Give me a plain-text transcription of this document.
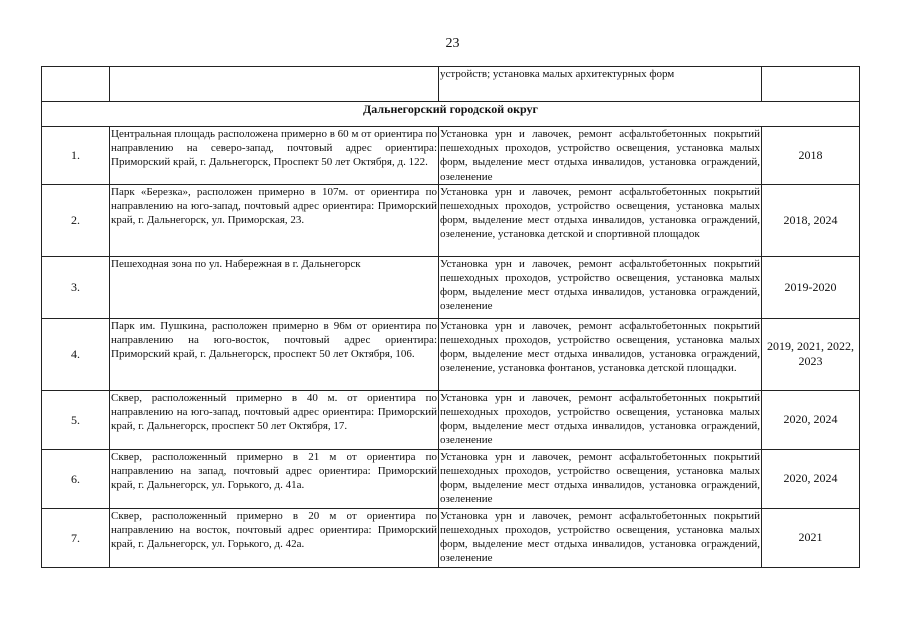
23
		устройств; установка малых архитектурных форм	
Дальнегорский городской округ			
1.	Центральная площадь расположена примерно в 60 м от ориентира по направлению на северо-запад, почтовый адрес ориентира: Приморский край, г. Дальнегорск, Проспект 50 лет Октября, д. 122.	Установка урн и лавочек, ремонт асфальтобетонных покрытий пешеходных проходов, устройство освещения, установка малых форм, выделение мест отдыха инвалидов, установка ограждений, озеленение	2018
2.	Парк «Березка», расположен примерно в 107м. от ориентира по направлению на юго-запад, почтовый адрес ориентира: Приморский край, г. Дальнегорск, ул. Приморская, 23.	Установка урн и лавочек, ремонт асфальтобетонных покрытий пешеходных проходов, устройство освещения, установка малых форм, выделение мест отдыха инвалидов, установка ограждений, озеленение, установка детской и спортивной площадок	2018, 2024
3.	Пешеходная зона по ул. Набережная в г. Дальнегорск	Установка урн и лавочек, ремонт асфальтобетонных покрытий пешеходных проходов, устройство освещения, установка малых форм, выделение мест отдыха инвалидов, установка ограждений, озеленение	2019-2020
4.	Парк им. Пушкина, расположен примерно в 96м от ориентира по направлению на юго-восток, почтовый адрес ориентира: Приморский край, г. Дальнегорск, проспект 50 лет Октября, 106.	Установка урн и лавочек, ремонт асфальтобетонных покрытий пешеходных проходов, устройство освещения, установка малых форм, выделение мест отдыха инвалидов, установка ограждений, озеленение, установка фонтанов, установка детской площадки.	2019, 2021, 2022, 2023
5.	Сквер, расположенный примерно в 40 м. от ориентира по направлению на юго-запад, почтовый адрес ориентира: Приморский край, г. Дальнегорск, проспект 50 лет Октября, 17.	Установка урн и лавочек, ремонт асфальтобетонных покрытий пешеходных проходов, устройство освещения, установка малых форм, выделение мест отдыха инвалидов, установка ограждений, озеленение	2020, 2024
6.	Сквер, расположенный примерно в 21 м от ориентира по направлению на запад, почтовый адрес ориентира: Приморский край, г. Дальнегорск, ул. Горького, д. 41а.	Установка урн и лавочек, ремонт асфальтобетонных покрытий пешеходных проходов, устройство освещения, установка малых форм, выделение мест отдыха инвалидов, установка ограждений, озеленение	2020, 2024
7.	Сквер, расположенный примерно в 20 м от ориентира по направлению на восток, почтовый адрес ориентира: Приморский край, г. Дальнегорск, ул. Горького, д. 42а.	Установка урн и лавочек, ремонт асфальтобетонных покрытий пешеходных проходов, устройство освещения, установка малых форм, выделение мест отдыха инвалидов, установка ограждений, озеленение	2021
